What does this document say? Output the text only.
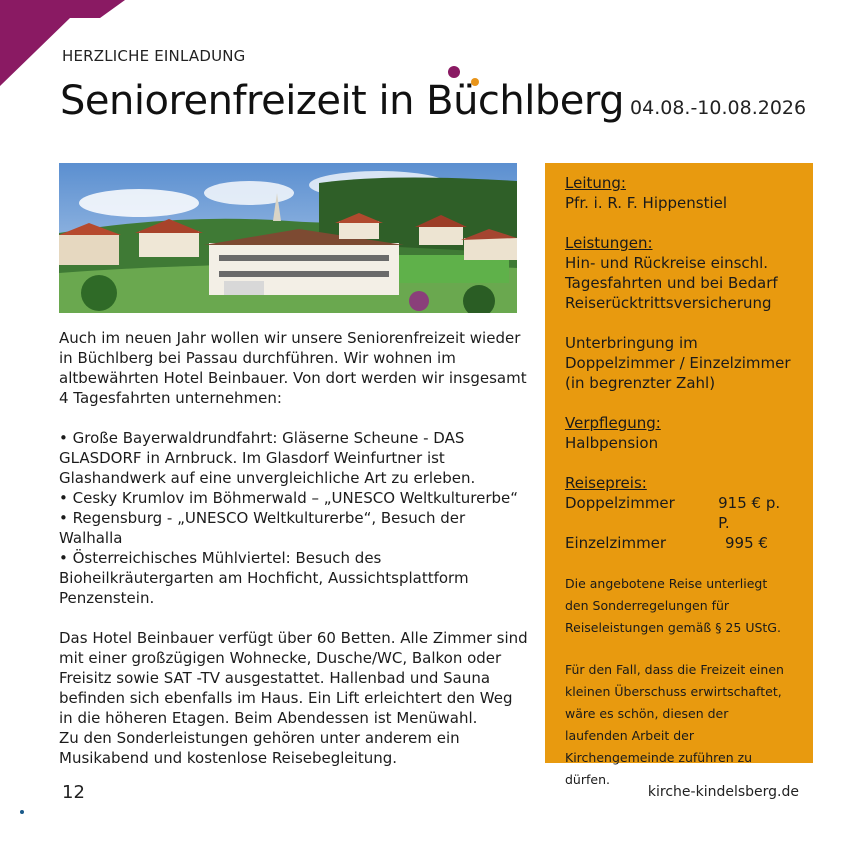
HERZLICHE EINLADUNG
Seniorenfreizeit in Büchlberg 04.08.-10.08.2026

Auch im neuen Jahr wollen wir unsere Seniorenfreizeit wieder in Büchlberg bei Passau durchführen. Wir wohnen im altbewährten Hotel Beinbauer. Von dort werden wir insgesamt 4 Tagesfahrten unternehmen:

• Große Bayerwaldrundfahrt: Gläserne Scheune - DAS GLASDORF in Arnbruck. Im Glasdorf Weinfurtner ist Glashandwerk auf eine unvergleichliche Art zu erleben.
• Cesky Krumlov im Böhmerwald – „UNESCO Weltkulturerbe“
• Regensburg - „UNESCO Weltkulturerbe“, Besuch der Walhalla
• Österreichisches Mühlviertel: Besuch des Bioheilkräutergarten am Hochficht, Aussichtsplattform Penzenstein.
Das Hotel Beinbauer verfügt über 60 Betten. Alle Zimmer sind mit einer großzügigen Wohnecke, Dusche/WC, Balkon oder Freisitz sowie SAT -TV ausgestattet. Hallenbad und Sauna befinden sich ebenfalls im Haus. Ein Lift erleichtert den Weg in die höheren Etagen. Beim Abendessen ist Menüwahl.
Zu den Sonderleistungen gehören unter anderem ein Musikabend und kostenlose Reisebegleitung.
Leitung:
Pfr. i. R. F. Hippenstiel
Leistungen:
Hin- und Rückreise einschl. Tagesfahrten und bei Bedarf Reiserücktrittsversicherung
Unterbringung im Doppelzimmer / Einzelzimmer (in begrenzter Zahl)
Verpflegung:
Halbpension
Reisepreis:
Doppelzimmer	915 € p. P.
Einzelzimmer	995 €
Die angebotene Reise unterliegt den Sonderregelungen für Reiseleistungen gemäß § 25 UStG.
Für den Fall, dass die Freizeit einen kleinen Überschuss erwirtschaftet, wäre es schön, diesen der laufenden Arbeit der Kirchengemeinde zuführen zu dürfen.
12	kirche-kindelsberg.de
